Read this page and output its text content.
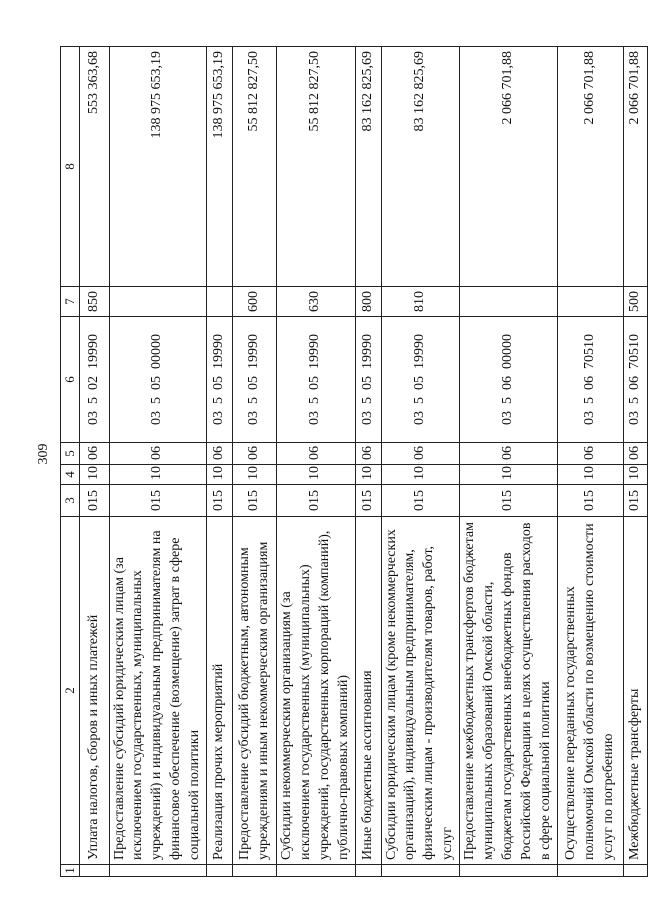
309
1	2	3	4	5	6	7	8
	Уплата налогов, сборов и иных платежей	015	10	06	03  5  02  19990	850	553 363,68
	Предоставление субсидий юридическим лицам (за исключением государственных, муниципальных учреждений) и индивидуальным предпринимателям на финансовое обеспечение (возмещение) затрат в сфере социальной политики	015	10	06	03  5  05  00000		138 975 653,19
	Реализация прочих мероприятий	015	10	06	03  5  05  19990		138 975 653,19
	Предоставление субсидий бюджетным, автономным учреждениям и иным некоммерческим организациям	015	10	06	03  5  05  19990	600	55 812 827,50
	Субсидии некоммерческим организациям (за исключением государственных (муниципальных) учреждений, государственных корпораций (компаний), публично-правовых компаний)	015	10	06	03  5  05  19990	630	55 812 827,50
	Иные бюджетные ассигнования	015	10	06	03  5  05  19990	800	83 162 825,69
	Субсидии юридическим лицам (кроме некоммерческих организаций), индивидуальным предпринимателям, физическим лицам - производителям товаров, работ, услуг	015	10	06	03  5  05  19990	810	83 162 825,69
	Предоставление межбюджетных трансфертов бюджетам муниципальных образований Омской области, бюджетам государственных внебюджетных фондов Российской Федерации в целях осуществления расходов в сфере социальной политики	015	10	06	03  5  06  00000		2 066 701,88
	Осуществление переданных государственных полномочий Омской области по возмещению стоимости услуг по погребению	015	10	06	03  5  06  70510		2 066 701,88
	Межбюджетные трансферты	015	10	06	03  5  06  70510	500	2 066 701,88
